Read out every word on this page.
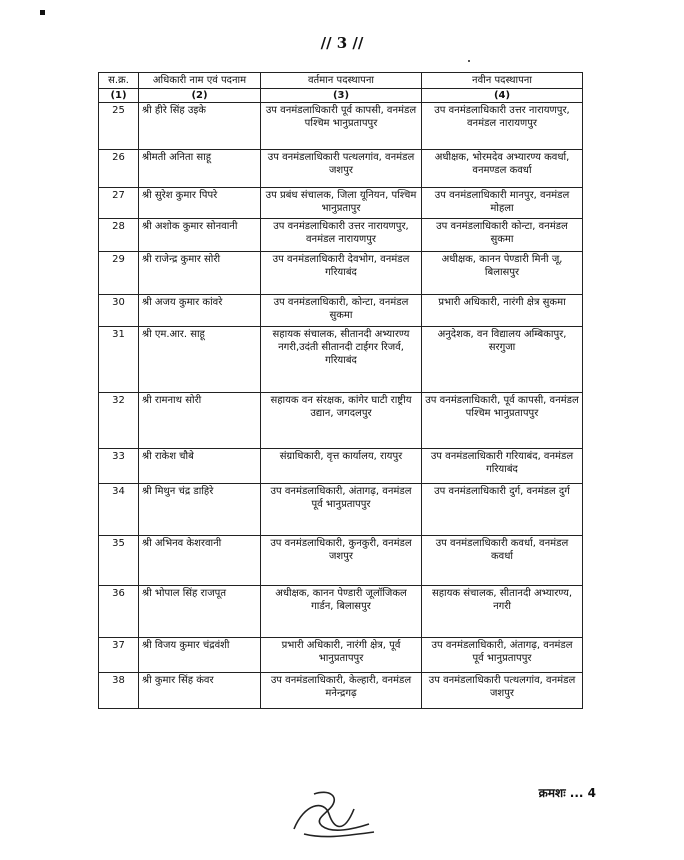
// 3 //
स.क्र.	अधिकारी नाम एवं पदनाम	वर्तमान पदस्थापना	नवीन पदस्थापना
(1)	(2)	(3)	(4)
25	श्री हीरे सिंह उइके	उप वनमंडलाधिकारी पूर्व कापसी, वनमंडल पश्चिम भानुप्रतापपुर	उप वनमंडलाधिकारी उत्तर नारायणपुर, वनमंडल नारायणपुर
26	श्रीमती अनिता साहू	उप वनमंडलाधिकारी पत्थलगांव, वनमंडल जशपुर	अधीक्षक, भोरमदेव अभ्यारण्य कवर्धा, वनमण्डल कवर्धा
27	श्री सुरेश कुमार पिपरे	उप प्रबंध संचालक, जिला यूनियन, पश्चिम भानुप्रतापुर	उप वनमंडलाधिकारी मानपुर, वनमंडल मोहला
28	श्री अशोक कुमार सोनवानी	उप वनमंडलाधिकारी उत्तर नारायणपुर, वनमंडल नारायणपुर	उप वनमंडलाधिकारी कोन्टा, वनमंडल सुकमा
29	श्री राजेन्द्र कुमार सोरी	उप वनमंडलाधिकारी देवभोग, वनमंडल गरियाबंद	अधीक्षक, कानन पेण्डारी मिनी जू, बिलासपुर
30	श्री अजय कुमार कांवरे	उप वनमंडलाधिकारी, कोन्टा, वनमंडल सुकमा	प्रभारी अधिकारी, नारंगी क्षेत्र सुकमा
31	श्री एम.आर. साहू	सहायक संचालक, सीतानदी अभ्यारण्य नगरी,उदंती सीतानदी टाईगर रिजर्व, गरियाबंद	अनुदेशक, वन विद्यालय अम्बिकापुर, सरगुजा
32	श्री रामनाथ सोरी	सहायक वन संरक्षक, कांगेर घाटी राष्ट्रीय उद्यान, जगदलपुर	उप वनमंडलाधिकारी, पूर्व कापसी, वनमंडल पश्चिम भानुप्रतापपुर
33	श्री राकेश चौबे	संग्राधिकारी, वृत्त कार्यालय, रायपुर	उप वनमंडलाधिकारी गरियाबंद, वनमंडल गरियाबंद
34	श्री मिथुन चंद्र डाहिरे	उप वनमंडलाधिकारी, अंतागढ़, वनमंडल पूर्व भानुप्रतापपुर	उप वनमंडलाधिकारी दुर्ग, वनमंडल दुर्ग
35	श्री अभिनव केशरवानी	उप वनमंडलाधिकारी, कुनकुरी, वनमंडल जशपुर	उप वनमंडलाधिकारी कवर्धा, वनमंडल कवर्धा
36	श्री भोपाल सिंह राजपूत	अधीक्षक, कानन पेण्डारी जूलॉजिकल गार्डन, बिलासपुर	सहायक संचालक, सीतानदी अभ्यारण्य, नगरी
37	श्री विजय कुमार चंद्रवंशी	प्रभारी अधिकारी, नारंगी क्षेत्र, पूर्व भानुप्रतापपुर	उप वनमंडलाधिकारी, अंतागढ़, वनमंडल पूर्व भानुप्रतापपुर
38	श्री कुमार सिंह कंवर	उप वनमंडलाधिकारी, केल्हारी, वनमंडल मनेन्द्रगढ़	उप वनमंडलाधिकारी पत्थलगांव, वनमंडल जशपुर
क्रमशः ... 4
